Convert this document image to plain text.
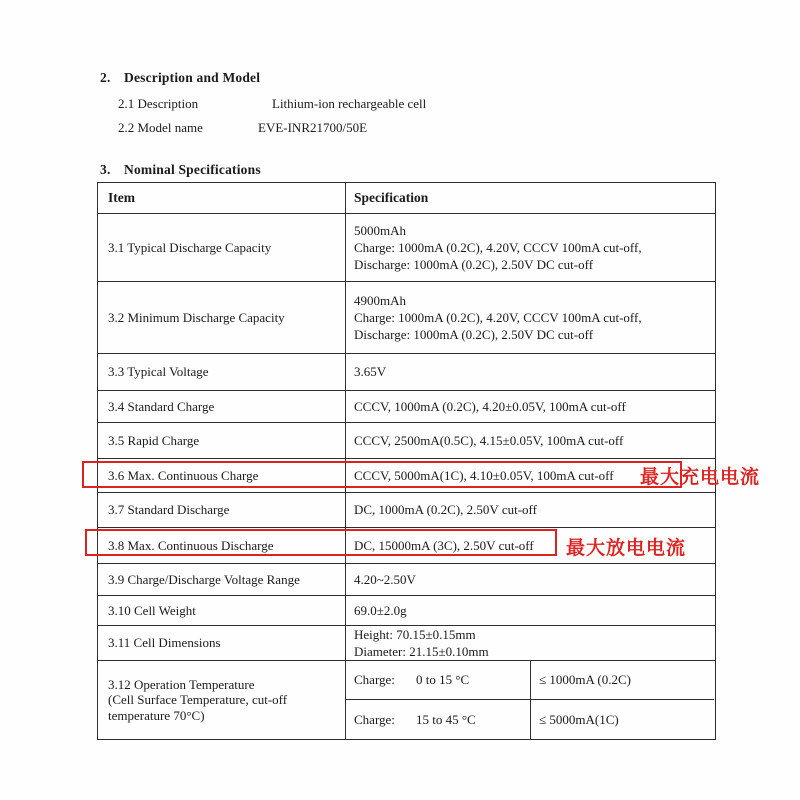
2. Description and Model
2.1 Description	Lithium-ion rechargeable cell
2.2 Model name	EVE-INR21700/50E
3. Nominal Specifications
Item	Specification
3.1 Typical Discharge Capacity	5000mAh
Charge: 1000mA (0.2C), 4.20V, CCCV 100mA cut-off,
Discharge: 1000mA (0.2C), 2.50V DC cut-off

3.2 Minimum Discharge Capacity	4900mAh
Charge: 1000mA (0.2C), 4.20V, CCCV 100mA cut-off,
Discharge: 1000mA (0.2C), 2.50V DC cut-off

3.3 Typical Voltage	3.65V
3.4 Standard Charge	CCCV, 1000mA (0.2C), 4.20±0.05V, 100mA cut-off
3.5 Rapid Charge	CCCV, 2500mA(0.5C), 4.15±0.05V, 100mA cut-off
3.6 Max. Continuous Charge	CCCV, 5000mA(1C), 4.10±0.05V, 100mA cut-off
3.7 Standard Discharge	DC, 1000mA (0.2C), 2.50V cut-off
3.8 Max. Continuous Discharge	DC, 15000mA (3C), 2.50V cut-off
3.9 Charge/Discharge Voltage Range	4.20~2.50V
3.10 Cell Weight	69.0±2.0g
3.11 Cell Dimensions	Height: 70.15±0.15mm
Diameter: 21.15±0.10mm

3.12 Operation Temperature
(Cell Surface Temperature, cut-off
temperature 70°C)

Charge:	0 to 15 °C	≤ 1000mA (0.2C)
Charge:	15 to 45 °C	≤ 5000mA(1C)
最大充电电流
最大放电电流
